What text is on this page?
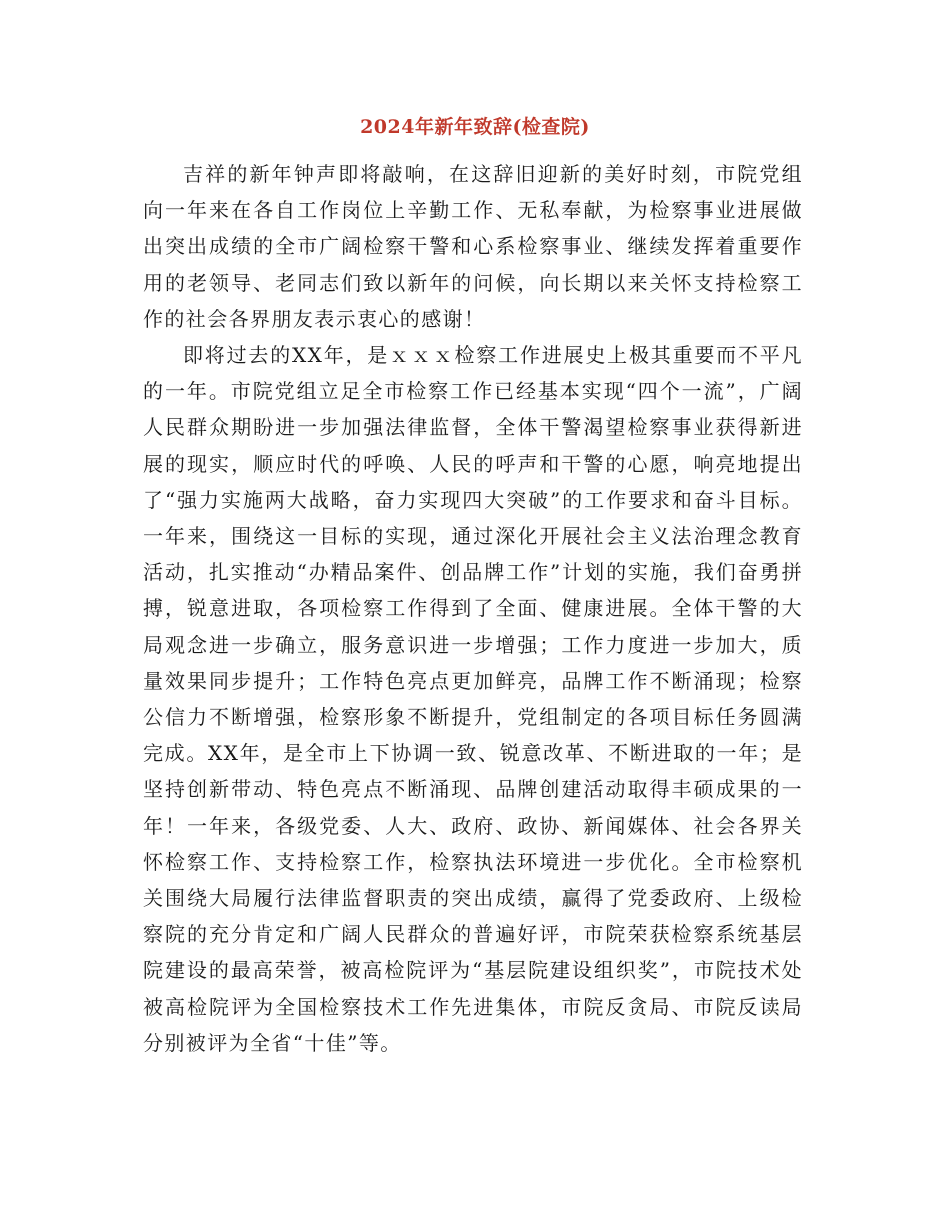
2024年新年致辞(检查院)

吉祥的新年钟声即将敲响，在这辞旧迎新的美好时刻，市院党组向一年来在各自工作岗位上辛勤工作、无私奉献，为检察事业进展做出突出成绩的全市广阔检察干警和心系检察事业、继续发挥着重要作用的老领导、老同志们致以新年的问候，向长期以来关怀支持检察工作的社会各界朋友表示衷心的感谢！

即将过去的XX年，是ｘｘｘ检察工作进展史上极其重要而不平凡的一年。市院党组立足全市检察工作已经基本实现“四个一流”，广阔人民群众期盼进一步加强法律监督，全体干警渴望检察事业获得新进展的现实，顺应时代的呼唤、人民的呼声和干警的心愿，响亮地提出了“强力实施两大战略，奋力实现四大突破”的工作要求和奋斗目标。一年来，围绕这一目标的实现，通过深化开展社会主义法治理念教育活动，扎实推动“办精品案件、创品牌工作”计划的实施，我们奋勇拼搏，锐意进取，各项检察工作得到了全面、健康进展。全体干警的大局观念进一步确立，服务意识进一步增强；工作力度进一步加大，质量效果同步提升；工作特色亮点更加鲜亮，品牌工作不断涌现；检察公信力不断增强，检察形象不断提升，党组制定的各项目标任务圆满完成。XX年，是全市上下协调一致、锐意改革、不断进取的一年；是坚持创新带动、特色亮点不断涌现、品牌创建活动取得丰硕成果的一年！一年来，各级党委、人大、政府、政协、新闻媒体、社会各界关怀检察工作、支持检察工作，检察执法环境进一步优化。全市检察机关围绕大局履行法律监督职责的突出成绩，赢得了党委政府、上级检察院的充分肯定和广阔人民群众的普遍好评，市院荣获检察系统基层院建设的最高荣誉，被高检院评为“基层院建设组织奖”，市院技术处被高检院评为全国检察技术工作先进集体，市院反贪局、市院反读局分别被评为全省“十佳”等。
